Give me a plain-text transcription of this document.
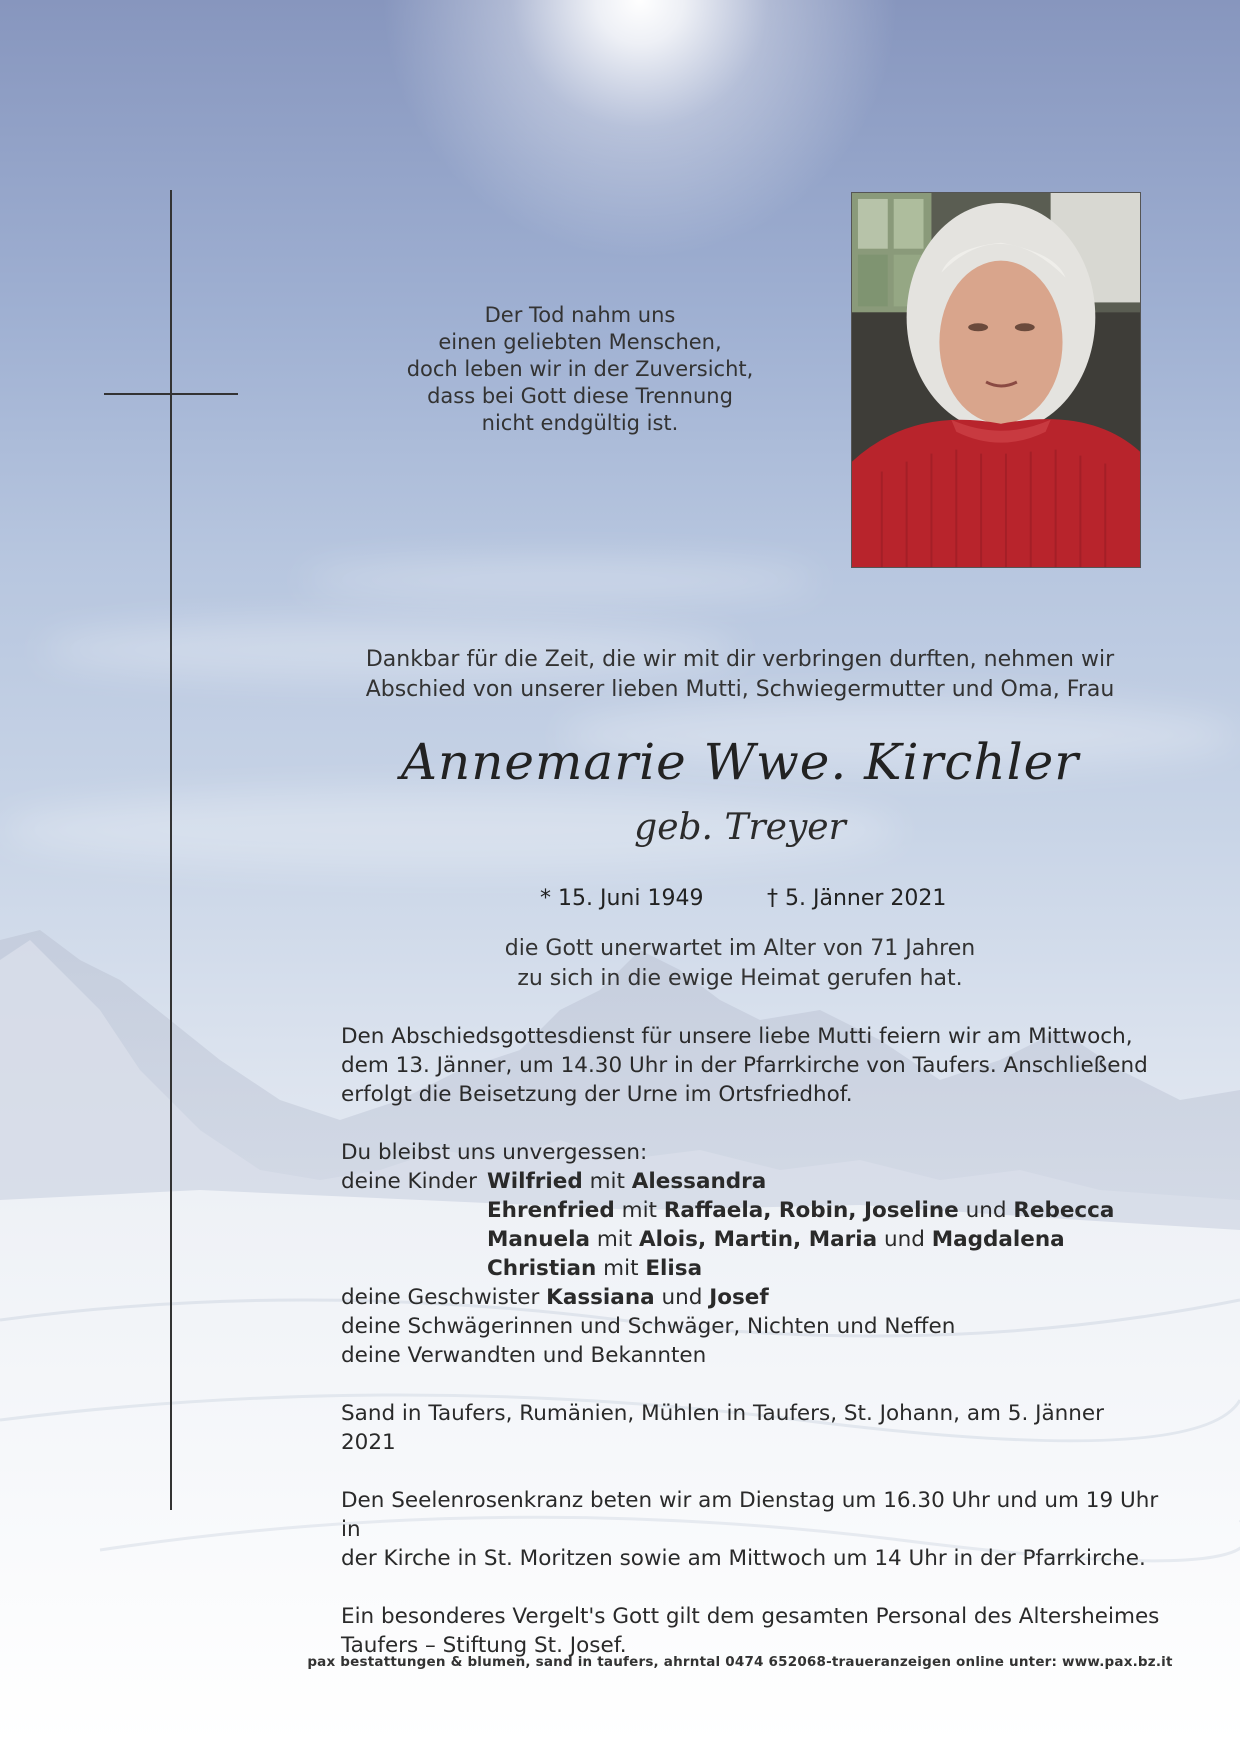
Der Tod nahm uns
einen geliebten Menschen,
doch leben wir in der Zuversicht,
dass bei Gott diese Trennung
nicht endgültig ist.
Dankbar für die Zeit, die wir mit dir verbringen durften, nehmen wir
Abschied von unserer lieben Mutti, Schwiegermutter und Oma, Frau
Annemarie Wwe. Kirchler
geb. Treyer
* 15. Juni 1949	† 5. Jänner 2021
die Gott unerwartet im Alter von 71 Jahren
zu sich in die ewige Heimat gerufen hat.

Den Abschiedsgottesdienst für unsere liebe Mutti feiern wir am Mittwoch,
dem 13. Jänner, um 14.30 Uhr in der Pfarrkirche von Taufers. Anschließend
erfolgt die Beisetzung der Urne im Ortsfriedhof.

Du bleibst uns unvergessen:
deine Kinder Wilfried mit Alessandra
Ehrenfried mit Raffaela, Robin, Joseline und Rebecca
Manuela mit Alois, Martin, Maria und Magdalena
Christian mit Elisa
deine Geschwister Kassiana und Josef
deine Schwägerinnen und Schwäger, Nichten und Neffen
deine Verwandten und Bekannten

Sand in Taufers, Rumänien, Mühlen in Taufers, St. Johann, am 5. Jänner 2021

Den Seelenrosenkranz beten wir am Dienstag um 16.30 Uhr und um 19 Uhr in
der Kirche in St. Moritzen sowie am Mittwoch um 14 Uhr in der Pfarrkirche.

Ein besonderes Vergelt's Gott gilt dem gesamten Personal des Altersheimes
Taufers – Stiftung St. Josef.

pax bestattungen & blumen, sand in taufers, ahrntal 0474 652068-traueranzeigen online unter: www.pax.bz.it
